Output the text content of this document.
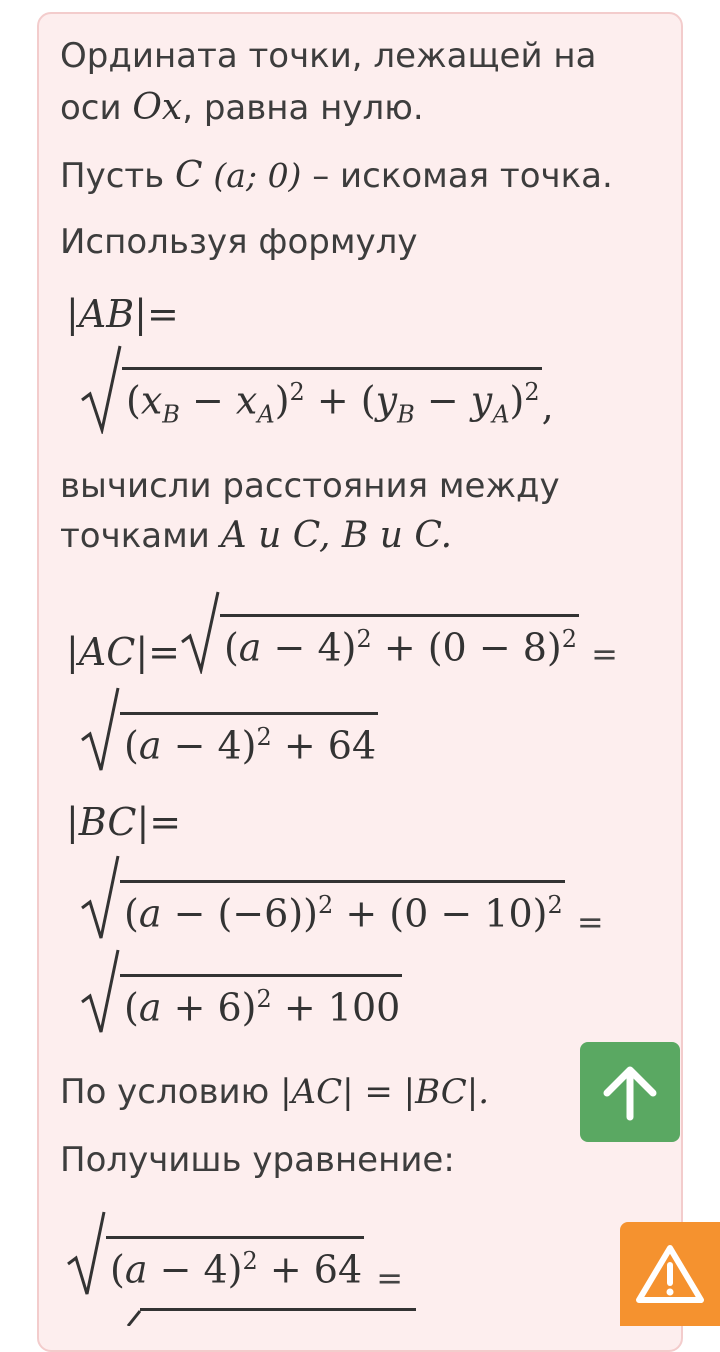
Ордината точки, лежащей на
оси Ox, равна нулю.
Пусть C (a; 0) – искомая точка.
Используя формулу
|AB|=
$(x_B - x_A)^2 + (y_B - y_A)^2$,
вычисли расстояния между
точками A и C, B и C.
$|AC|= (a - 4)^2 + (0 - 8)^2$ =
$(a - 4)^2 + 64$
|BC|=
$(a - (-6))^2 + (0 - 10)^2$ =
$(a + 6)^2 + 100$
По условию |AC| = |BC|.
Получишь уравнение:
$(a - 4)^2 + 64$ =
